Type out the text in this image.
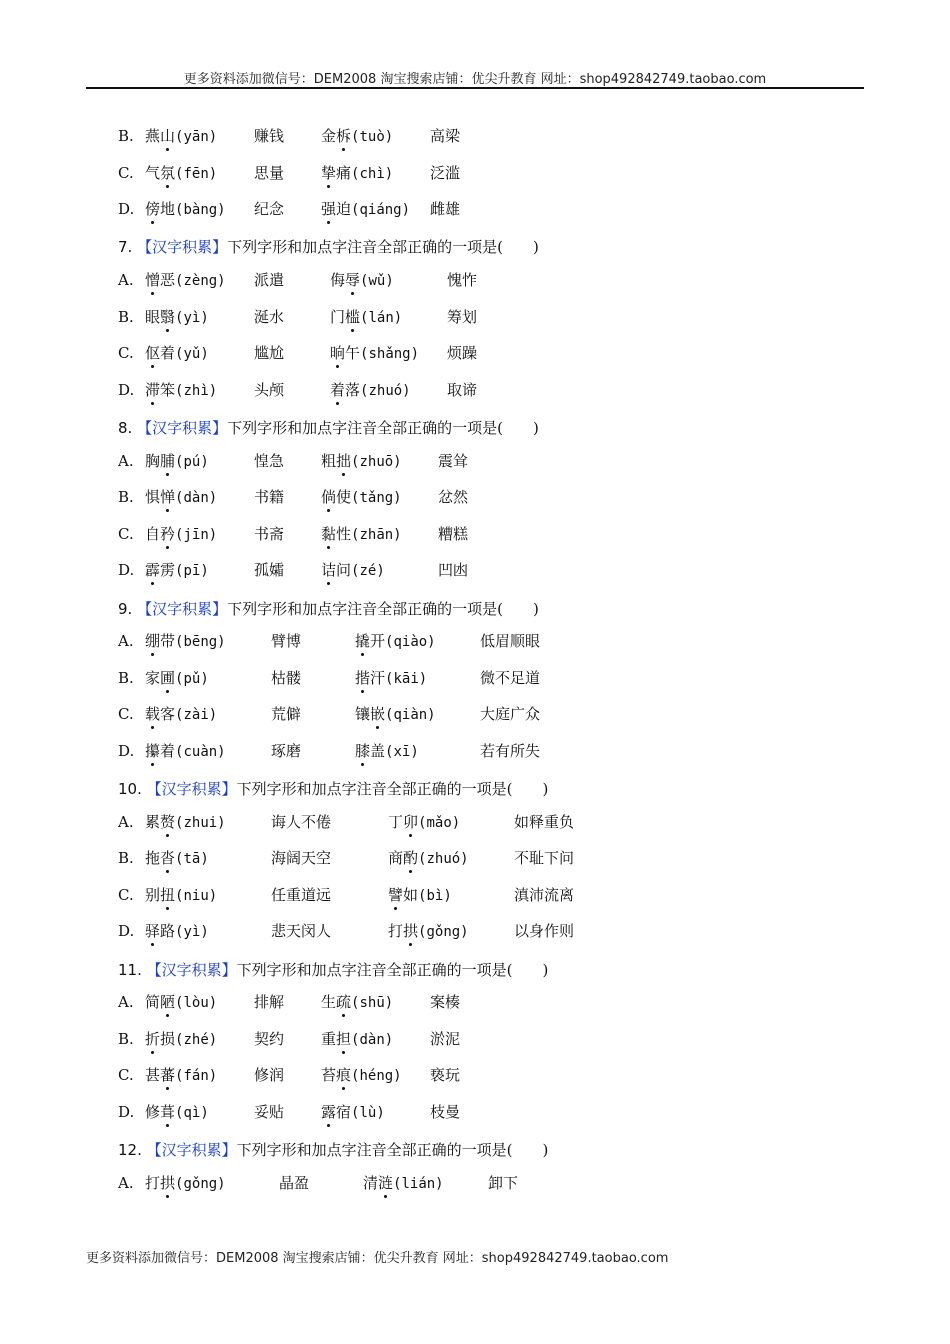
更多资料添加微信号：DEM2008 淘宝搜索店铺：优尖升教育 网址：shop492842749.taobao.com
B. 燕山(yān) 赚钱 金柝(tuò) 高梁
C. 气氛(fēn) 思量 挚痛(chì) 泛滥
D. 傍地(bàng) 纪念 强迫(qiáng) 雌雄
7. 【汉字积累】下列字形和加点字注音全部正确的一项是(　　)
A. 憎恶(zèng) 派遣	侮辱(wǔ)	愧怍
B. 眼翳(yì)	涎水	门槛(lán)	筹划
C. 伛着(yǔ)	尴尬	晌午(shǎng) 烦躁
D. 滞笨(zhì) 头颅	着落(zhuó) 取谛
8. 【汉字积累】下列字形和加点字注音全部正确的一项是(　　)
A. 胸脯(pú)	惶急 粗拙(zhuō) 震耸
B. 惧惮(dàn) 书籍 倘使(tǎng) 忿然
C. 自矜(jīn) 书斋 黏性(zhān) 糟糕
D. 霹雳(pī)	孤孀 诘问(zé)	凹凼
9. 【汉字积累】下列字形和加点字注音全部正确的一项是(　　)
A. 绷带(bēng)	臂博	撬开(qiào)	低眉顺眼
B. 家圃(pǔ)	枯髅	揩汗(kāi)	微不足道
C. 载客(zài)	荒僻	镶嵌(qiàn)	大庭广众
D. 攥着(cuàn)	琢磨	膝盖(xī)	若有所失
10. 【汉字积累】下列字形和加点字注音全部正确的一项是(　　)
A. 累赘(zhui)	诲人不倦	丁卯(mǎo)	如释重负
B. 拖沓(tā)	海阔天空	商酌(zhuó)	不耻下问
C. 别扭(niu)	任重道远	譬如(bì)	滇沛流离
D. 驿路(yì)	悲天闵人	打拱(gǒng)	以身作则
11. 【汉字积累】下列字形和加点字注音全部正确的一项是(　　)
A. 简陋(lòu) 排解 生疏(shū) 案楱
B. 折损(zhé) 契约 重担(dàn) 淤泥
C. 甚蕃(fán) 修润 苔痕(héng) 亵玩
D. 修葺(qì)	妥贴 露宿(lù)	枝曼
12. 【汉字积累】下列字形和加点字注音全部正确的一项是(　　)
A. 打拱(gǒng)	晶盈	清涟(lián)	卸下
更多资料添加微信号：DEM2008 淘宝搜索店铺：优尖升教育 网址：shop492842749.taobao.com
